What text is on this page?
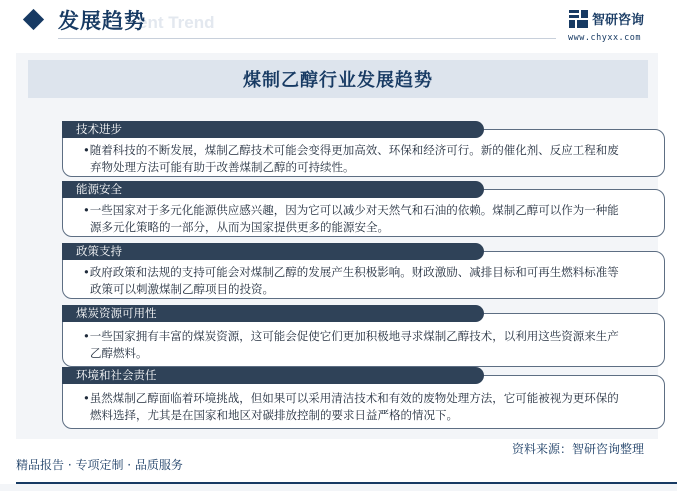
ent Trend
发展趋势	智研咨询
www.chyxx.com
煤制乙醇行业发展趋势
•随着科技的不断发展，煤制乙醇技术可能会变得更加高效、环保和经济可行。新的催化剂、反应工程和废弃物处理方法可能有助于改善煤制乙醇的可持续性。
技术进步
•一些国家对于多元化能源供应感兴趣，因为它可以减少对天然气和石油的依赖。煤制乙醇可以作为一种能源多元化策略的一部分，从而为国家提供更多的能源安全。
能源安全
•政府政策和法规的支持可能会对煤制乙醇的发展产生积极影响。财政激励、减排目标和可再生燃料标准等政策可以刺激煤制乙醇项目的投资。
政策支持
•一些国家拥有丰富的煤炭资源，这可能会促使它们更加积极地寻求煤制乙醇技术，以利用这些资源来生产乙醇燃料。
煤炭资源可用性
•虽然煤制乙醇面临着环境挑战，但如果可以采用清洁技术和有效的废物处理方法，它可能被视为更环保的燃料选择，尤其是在国家和地区对碳排放控制的要求日益严格的情况下。
环境和社会责任
资料来源：智研咨询整理
精品报告 · 专项定制 · 品质服务
